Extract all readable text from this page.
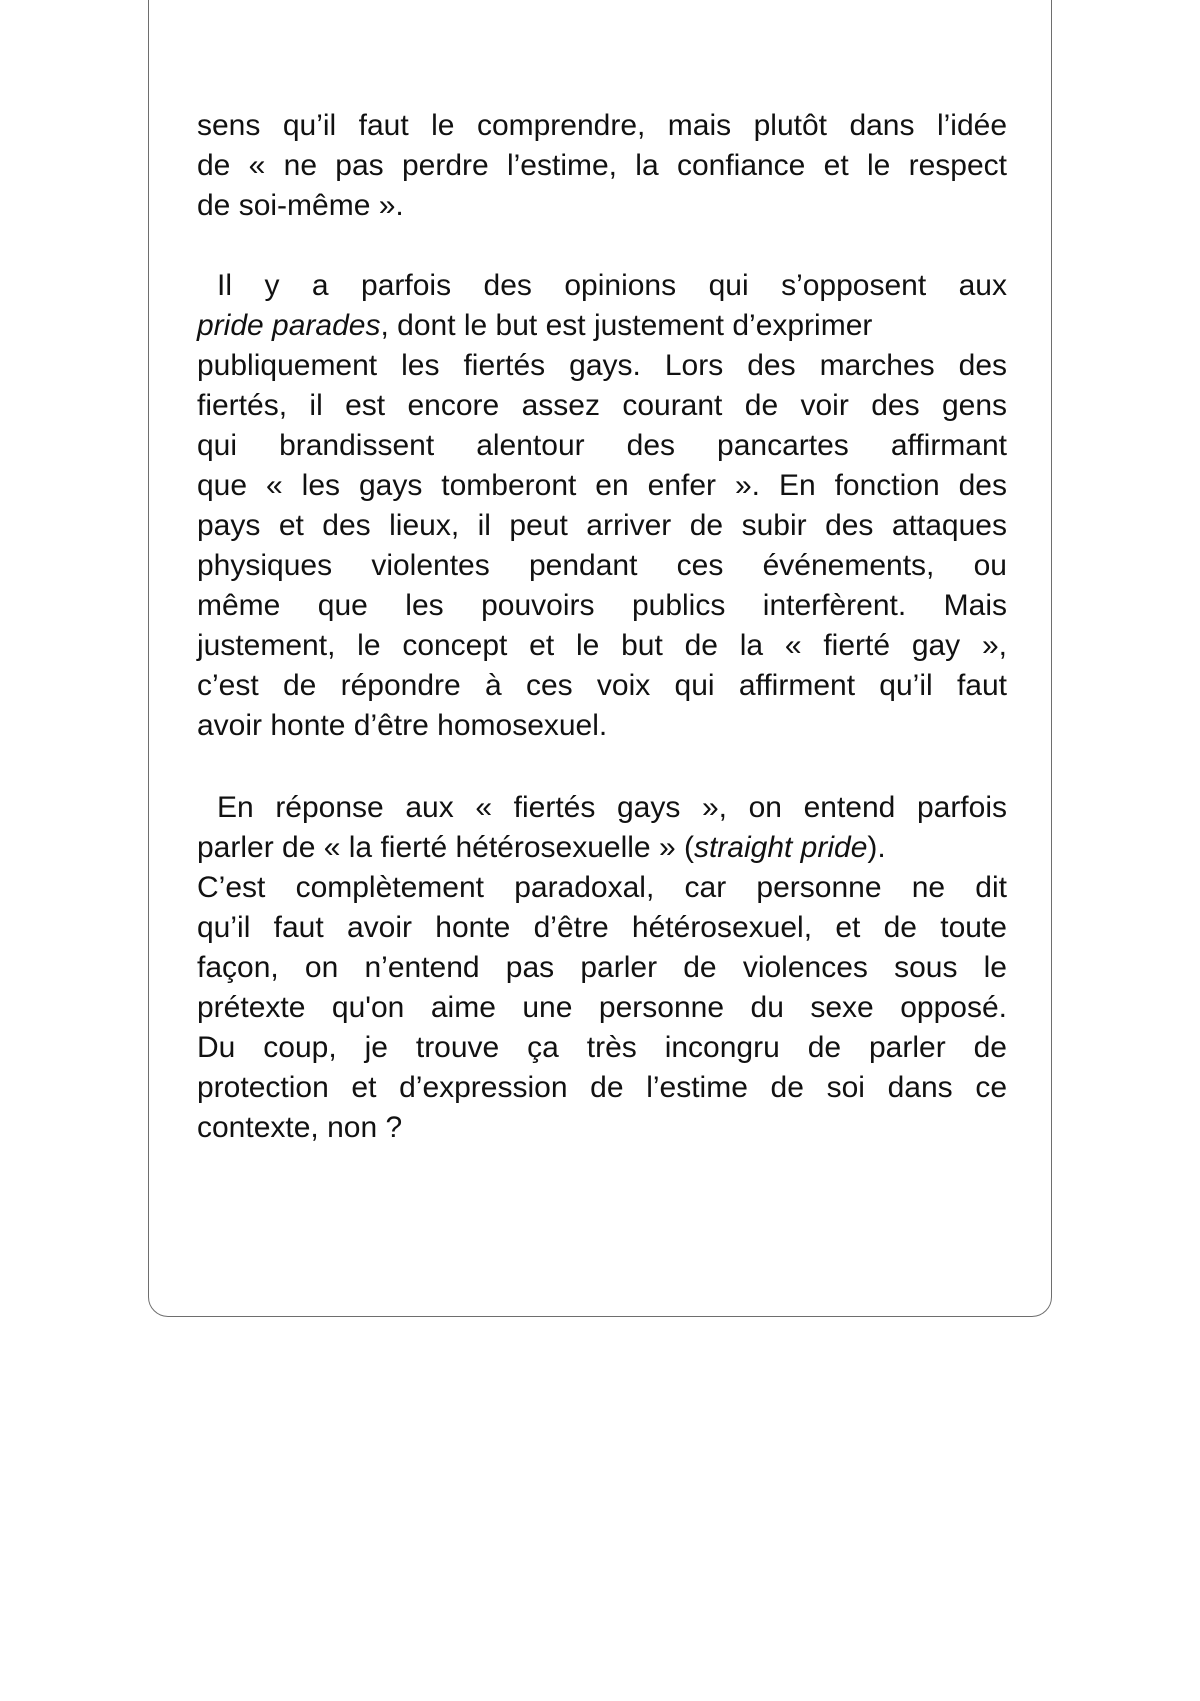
sens qu’il faut le comprendre, mais plutôt dans l’idée
de « ne pas perdre l’estime, la confiance et le respect
de soi-même ».
Il y a parfois des opinions qui s’opposent aux
pride parades, dont le but est justement d’exprimer
publiquement les fiertés gays. Lors des marches des
fiertés, il est encore assez courant de voir des gens
qui brandissent alentour des pancartes affirmant
que « les gays tomberont en enfer ». En fonction des
pays et des lieux, il peut arriver de subir des attaques
physiques violentes pendant ces événements, ou
même que les pouvoirs publics interfèrent. Mais
justement, le concept et le but de la « fierté gay »,
c’est de répondre à ces voix qui affirment qu’il faut
avoir honte d’être homosexuel.
En réponse aux « fiertés gays », on entend parfois
parler de « la fierté hétérosexuelle » (straight pride).
C’est complètement paradoxal, car personne ne dit
qu’il faut avoir honte d’être hétérosexuel, et de toute
façon, on n’entend pas parler de violences sous le
prétexte qu'on aime une personne du sexe opposé.
Du coup, je trouve ça très incongru de parler de
protection et d’expression de l’estime de soi dans ce
contexte, non ?
